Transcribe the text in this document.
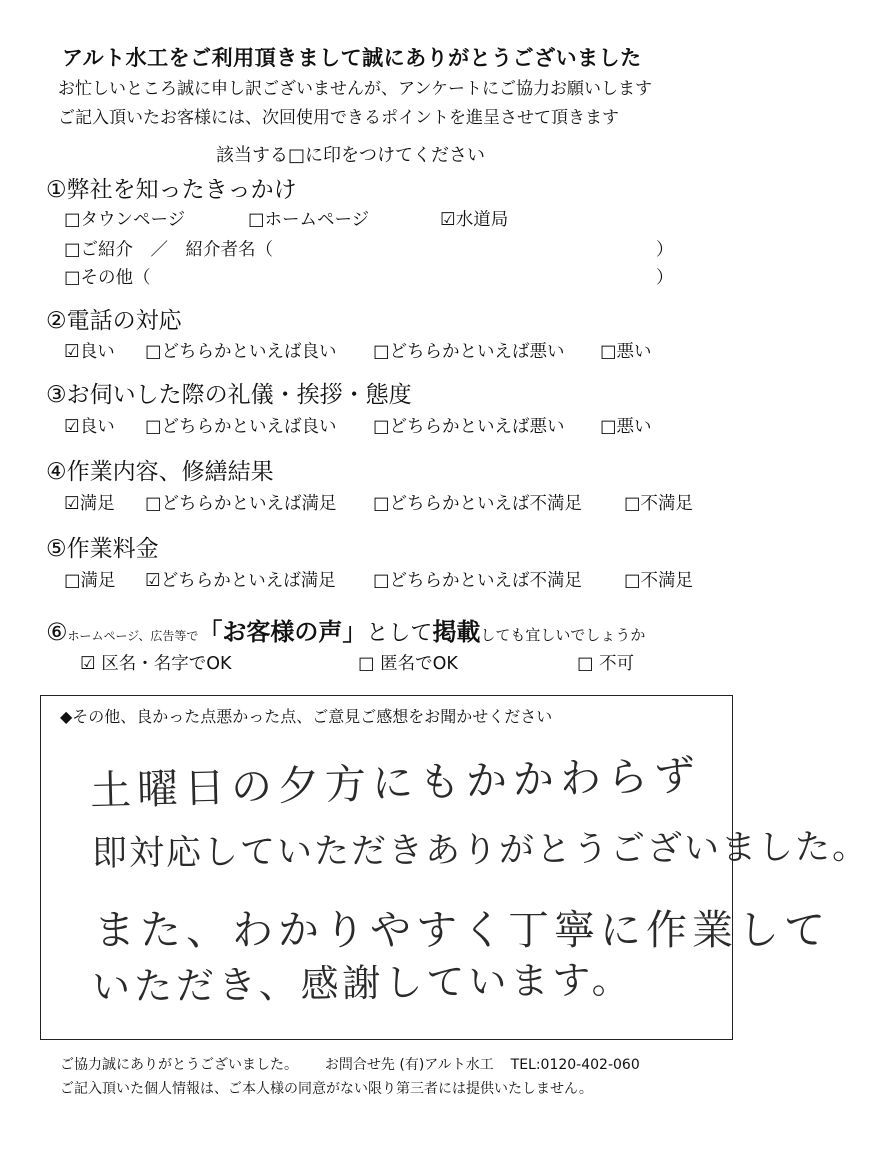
アルト水工をご利用頂きまして誠にありがとうございました
お忙しいところ誠に申し訳ございませんが、アンケートにご協力お願いします
ご記入頂いたお客様には、次回使用できるポイントを進呈させて頂きます
該当する□に印をつけてください
①弊社を知ったきっかけ
□タウンページ	□ホームページ	☑水道局
□ご紹介　／　紹介者名（	）
□その他（	）
②電話の対応
☑良い □どちらかといえば良い □どちらかといえば悪い □悪い
③お伺いした際の礼儀・挨拶・態度
☑良い □どちらかといえば良い □どちらかといえば悪い □悪い
④作業内容、修繕結果
☑満足 □どちらかといえば満足 □どちらかといえば不満足 □不満足
⑤作業料金
□満足 ☑どちらかといえば満足 □どちらかといえば不満足 □不満足
⑥ホームページ、広告等で「お客様の声」として掲載しても宜しいでしょうか
☑ 区名・名字でOK	□ 匿名でOK	□ 不可
◆その他、良かった点悪かった点、ご意見ご感想をお聞かせください
土曜日の夕方にもかかわらず
即対応していただきありがとうございました。
また、わかりやすく丁寧に作業して
いただき、感謝しています。
ご協力誠にありがとうございました。 お問合せ先 (有)アルト水工 TEL:0120-402-060
ご記入頂いた個人情報は、ご本人様の同意がない限り第三者には提供いたしません。
